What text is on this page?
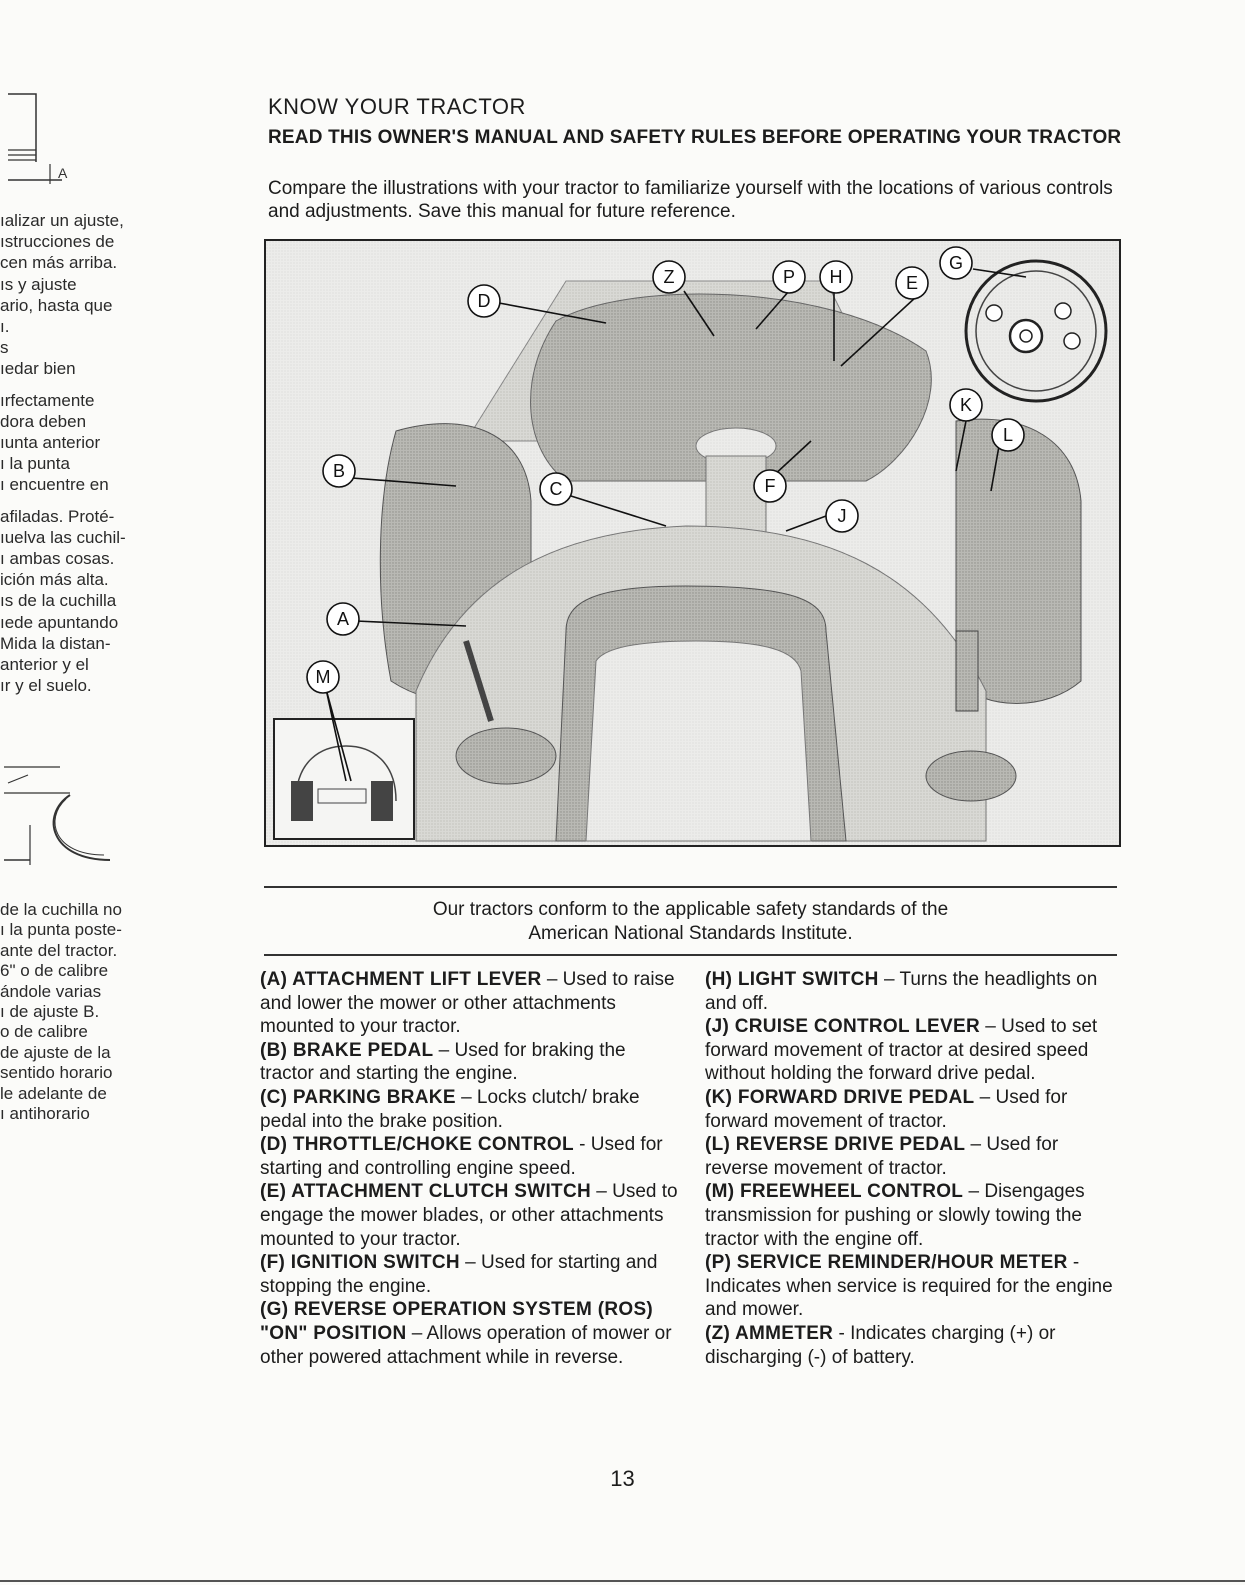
A
ıalizar un ajuste,
ıstrucciones de
cen más arriba.
ıs y ajuste
ario, hasta que
ı.
s
ıedar bien
ırfectamente
dora deben
ıunta anterior
ı la punta
ı encuentre en
afiladas. Proté-
ıuelva las cuchil-
ı ambas cosas.
ición más alta.
ıs de la cuchilla
ıede apuntando
Mida la distan-
anterior y el
ır y el suelo.
de la cuchilla no
ı la punta poste-
ante del tractor.
6" o de calibre
ándole varias
ı de ajuste B.
o de calibre
de ajuste de la
sentido horario
le adelante de
ı antihorario
KNOW YOUR TRACTOR
READ THIS OWNER'S MANUAL AND SAFETY RULES BEFORE OPERATING YOUR TRACTOR

Compare the illustrations with your tractor to familiarize yourself with the locations of various controls and adjustments. Save this manual for future reference.

Z	P H	E
G
D
K
L
B
C	F
J
A
M

Our tractors conform to the applicable safety standards of the
American National Standards Institute.

(A) ATTACHMENT LIFT LEVER – Used to raise and lower the mower or other attachments mounted to your tractor.

(B) BRAKE PEDAL – Used for braking the tractor and starting the engine.

(C) PARKING BRAKE – Locks clutch/ brake pedal into the brake position.

(D) THROTTLE/CHOKE CONTROL - Used for starting and controlling engine speed.

(E) ATTACHMENT CLUTCH SWITCH – Used to engage the mower blades, or other attachments mounted to your tractor.

(F) IGNITION SWITCH – Used for starting and stopping the engine.

(G) REVERSE OPERATION SYSTEM (ROS) "ON" POSITION – Allows operation of mower or other powered attachment while in reverse.

(H) LIGHT SWITCH – Turns the headlights on and off.

(J) CRUISE CONTROL LEVER – Used to set forward movement of tractor at desired speed without holding the forward drive pedal.

(K) FORWARD DRIVE PEDAL – Used for forward movement of tractor.

(L) REVERSE DRIVE PEDAL – Used for reverse movement of tractor.

(M) FREEWHEEL CONTROL – Disengages transmission for pushing or slowly towing the tractor with the engine off.

(P) SERVICE REMINDER/HOUR METER - Indicates when service is required for the engine and mower.

(Z) AMMETER - Indicates charging (+) or discharging (-) of battery.

13
